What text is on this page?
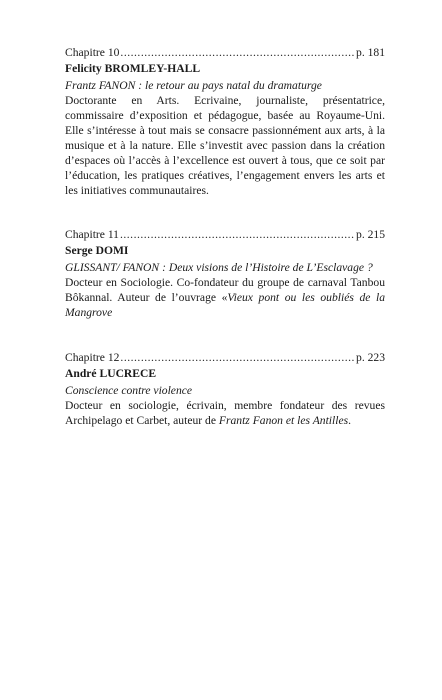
Chapitre 10 .....	p. 181
Felicity BROMLEY-HALL
Frantz FANON : le retour au pays natal du dramaturge
Doctorante en Arts. Ecrivaine, journaliste, présentatrice, commissaire d’exposition et pédagogue, basée au Royaume-Uni. Elle s’intéresse à tout mais se consacre passionnément aux arts, à la musique et à la nature. Elle s’investit avec passion dans la création d’espaces où l’accès à l’excellence est ouvert à tous, que ce soit par l’éducation, les pratiques créatives, l’engagement envers les arts et les initiatives communautaires.
Chapitre 11 .....	p. 215
Serge DOMI
GLISSANT/ FANON : Deux visions de l’Histoire de L’Esclavage ?
Docteur en Sociologie. Co-fondateur du groupe de carnaval Tanbou Bôkannal. Auteur de l’ouvrage «Vieux pont ou les oubliés de la Mangrove
Chapitre 12 .....	p. 223
André LUCRECE
Conscience contre violence
Docteur en sociologie, écrivain, membre fondateur des revues Archipelago et Carbet, auteur de Frantz Fanon et les Antilles.
